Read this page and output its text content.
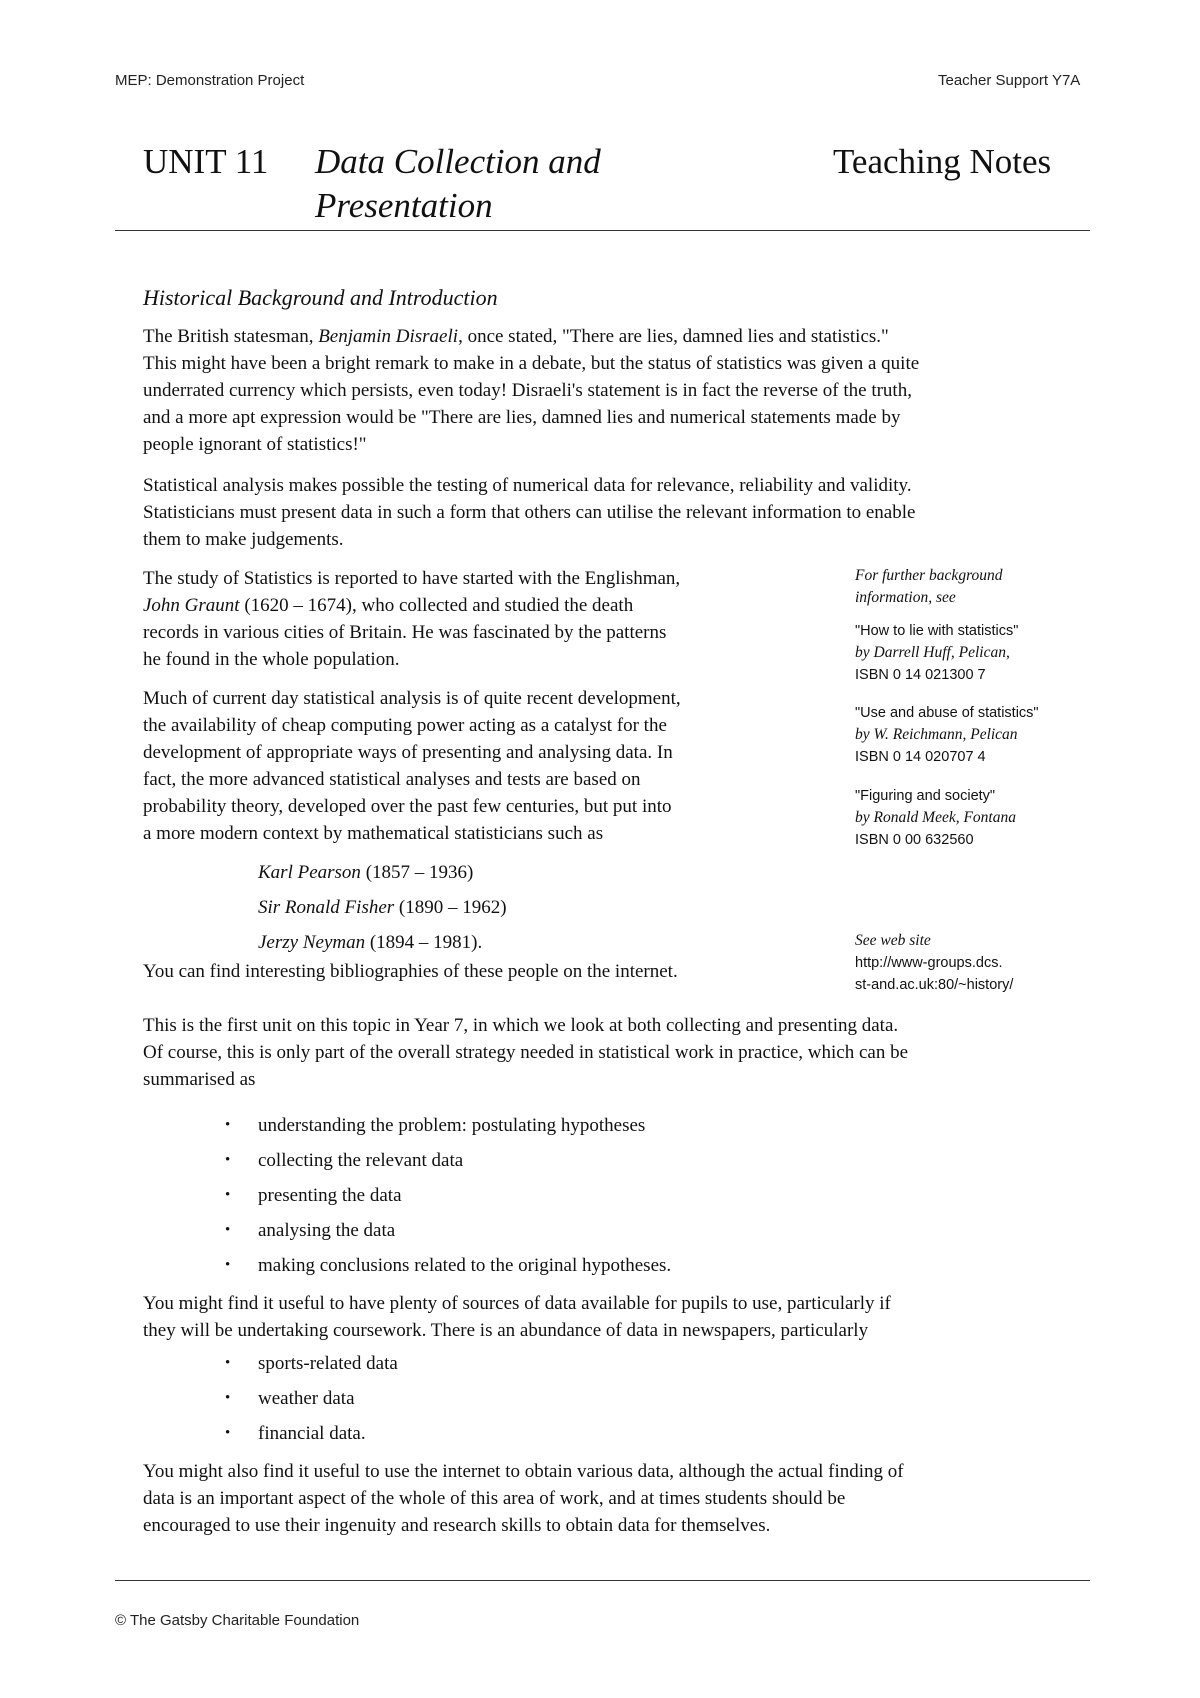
MEP: Demonstration Project	Teacher Support Y7A
UNIT 11 Data Collection and
Presentation
Teaching Notes
Historical Background and Introduction
The British statesman, Benjamin Disraeli, once stated, "There are lies, damned lies and statistics."
This might have been a bright remark to make in a debate, but the status of statistics was given a quite
underrated currency which persists, even today! Disraeli's statement is in fact the reverse of the truth,
and a more apt expression would be "There are lies, damned lies and numerical statements made by
people ignorant of statistics!"
Statistical analysis makes possible the testing of numerical data for relevance, reliability and validity.
Statisticians must present data in such a form that others can utilise the relevant information to enable
them to make judgements.
The study of Statistics is reported to have started with the Englishman,
John Graunt (1620 – 1674), who collected and studied the death
records in various cities of Britain. He was fascinated by the patterns
he found in the whole population.
Much of current day statistical analysis is of quite recent development,
the availability of cheap computing power acting as a catalyst for the
development of appropriate ways of presenting and analysing data. In
fact, the more advanced statistical analyses and tests are based on
probability theory, developed over the past few centuries, but put into
a more modern context by mathematical statisticians such as
Karl Pearson (1857 – 1936)
Sir Ronald Fisher (1890 – 1962)
Jerzy Neyman (1894 – 1981).
You can find interesting bibliographies of these people on the internet.
For further background
information, see
"How to lie with statistics"
by Darrell Huff, Pelican,
ISBN 0 14 021300 7
"Use and abuse of statistics"
by W. Reichmann, Pelican
ISBN 0 14 020707 4
"Figuring and society"
by Ronald Meek, Fontana
ISBN 0 00 632560
See web site
http://www-groups.dcs.
st-and.ac.uk:80/~history/
This is the first unit on this topic in Year 7, in which we look at both collecting and presenting data.
Of course, this is only part of the overall strategy needed in statistical work in practice, which can be
summarised as
• understanding the problem: postulating hypotheses
• collecting the relevant data
• presenting the data
• analysing the data
• making conclusions related to the original hypotheses.
You might find it useful to have plenty of sources of data available for pupils to use, particularly if
they will be undertaking coursework. There is an abundance of data in newspapers, particularly
• sports-related data
• weather data
• financial data.
You might also find it useful to use the internet to obtain various data, although the actual finding of
data is an important aspect of the whole of this area of work, and at times students should be
encouraged to use their ingenuity and research skills to obtain data for themselves.
© The Gatsby Charitable Foundation
